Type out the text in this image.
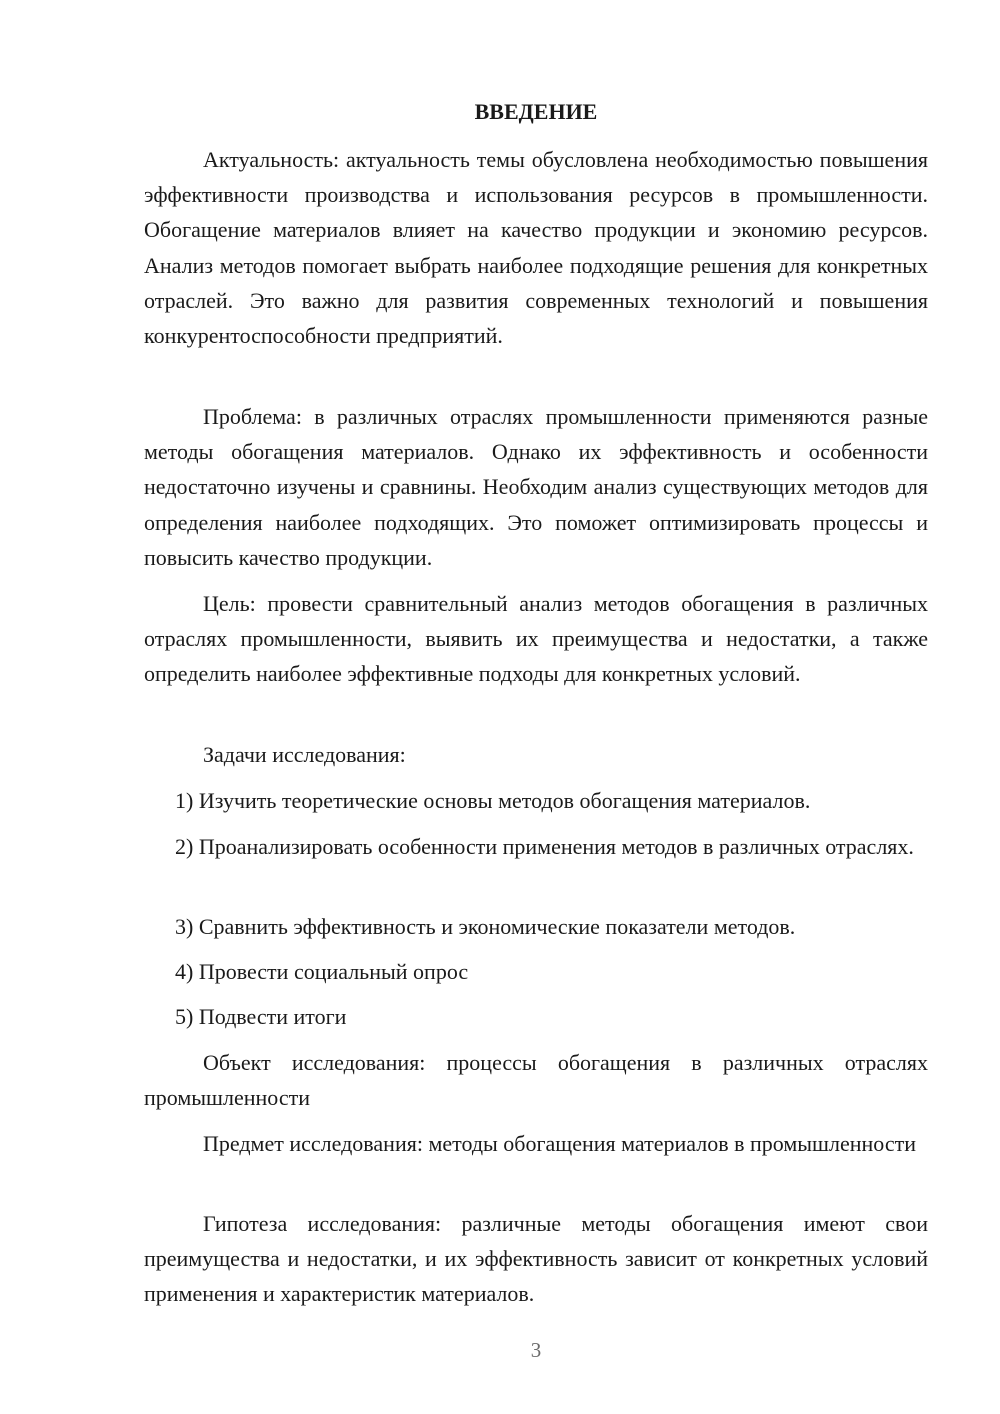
ВВЕДЕНИЕ

Актуальность: актуальность темы обусловлена необходимостью повышения эффективности производства и использования ресурсов в промышленности. Обогащение материалов влияет на качество продукции и экономию ресурсов. Анализ методов помогает выбрать наиболее подходящие решения для конкретных отраслей. Это важно для развития современных технологий и повышения конкурентоспособности предприятий.

Проблема: в различных отраслях промышленности применяются разные методы обогащения материалов. Однако их эффективность и особенности недостаточно изучены и сравнины. Необходим анализ существующих методов для определения наиболее подходящих. Это поможет оптимизировать процессы и повысить качество продукции.

Цель: провести сравнительный анализ методов обогащения в различных отраслях промышленности, выявить их преимущества и недостатки, а также определить наиболее эффективные подходы для конкретных условий.

Задачи исследования:

1) Изучить теоретические основы методов обогащения материалов.

2) Проанализировать особенности применения методов в различных отраслях.

3) Сравнить эффективность и экономические показатели методов.

4) Провести социальный опрос

5) Подвести итоги

Объект исследования: процессы обогащения в различных отраслях промышленности

Предмет исследования: методы обогащения материалов в промышленности

Гипотеза исследования: различные методы обогащения имеют свои преимущества и недостатки, и их эффективность зависит от конкретных условий применения и характеристик материалов.

3
